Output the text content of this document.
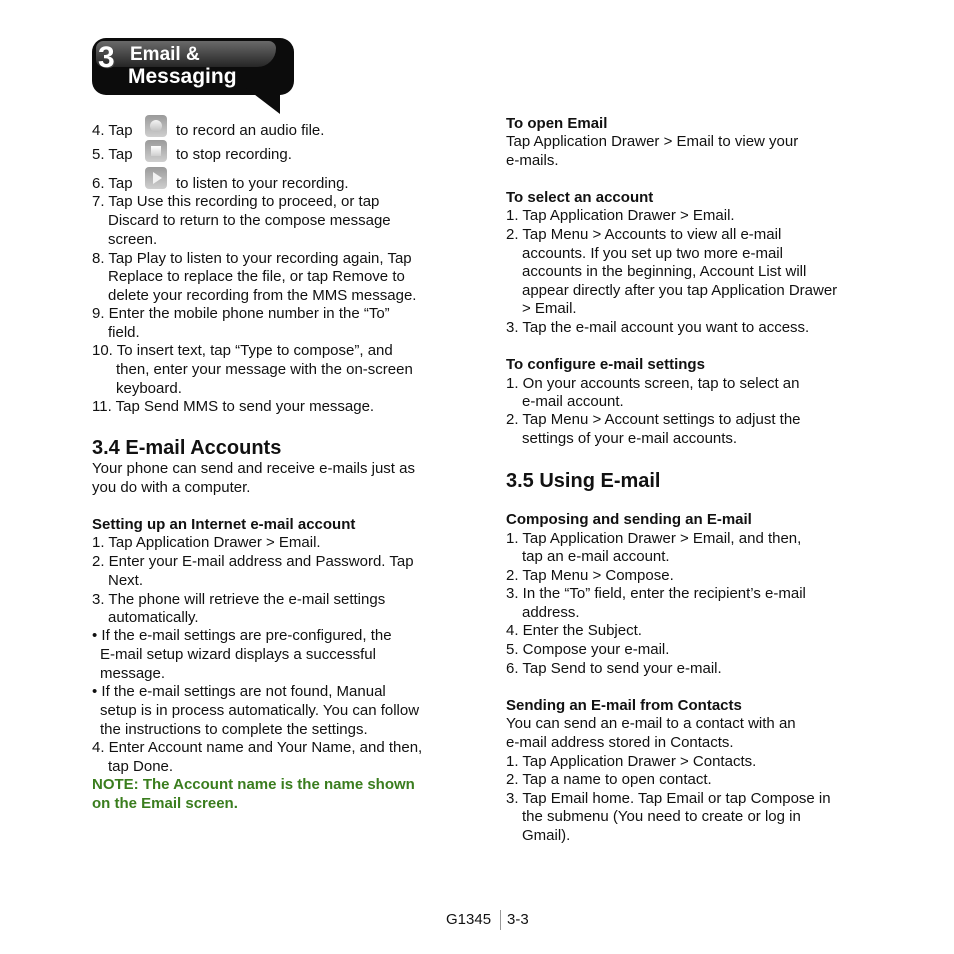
3 Email &
Messaging
4. Tap	to record an audio file.
5. Tap	to stop recording.
6. Tap	to listen to your recording.
7. Tap Use this recording to proceed, or tap
Discard to return to the compose message
screen.
8. Tap Play to listen to your recording again, Tap
Replace to replace the file, or tap Remove to
delete your recording from the MMS message.
9. Enter the mobile phone number in the “To”
field.
10. To insert text, tap “Type to compose”, and
then, enter your message with the on-screen
keyboard.
11. Tap Send MMS to send your message.
3.4 E-mail Accounts
Your phone can send and receive e-mails just as
you do with a computer.
Setting up an Internet e-mail account
1. Tap Application Drawer > Email.
2. Enter your E-mail address and Password. Tap
Next.
3. The phone will retrieve the e-mail settings
automatically.
• If the e-mail settings are pre-configured, the
E-mail setup wizard displays a successful
message.
• If the e-mail settings are not found, Manual
setup is in process automatically. You can follow
the instructions to complete the settings.
4. Enter Account name and Your Name, and then,
tap Done.
NOTE: The Account name is the name shown
on the Email screen.
To open Email
Tap Application Drawer > Email to view your
e-mails.
To select an account
1. Tap Application Drawer > Email.
2. Tap Menu > Accounts to view all e-mail
accounts. If you set up two more e-mail
accounts in the beginning, Account List will
appear directly after you tap Application Drawer
> Email.
3. Tap the e-mail account you want to access.
To configure e-mail settings
1. On your accounts screen, tap to select an
e-mail account.
2. Tap Menu > Account settings to adjust the
settings of your e-mail accounts.
3.5 Using E-mail
Composing and sending an E-mail
1. Tap Application Drawer > Email, and then,
tap an e-mail account.
2. Tap Menu > Compose.
3. In the “To” field, enter the recipient’s e-mail
address.
4. Enter the Subject.
5. Compose your e-mail.
6. Tap Send to send your e-mail.
Sending an E-mail from Contacts
You can send an e-mail to a contact with an
e-mail address stored in Contacts.
1. Tap Application Drawer > Contacts.
2. Tap a name to open contact.
3. Tap Email home. Tap Email or tap Compose in
the submenu (You need to create or log in
Gmail).
G1345 3-3
